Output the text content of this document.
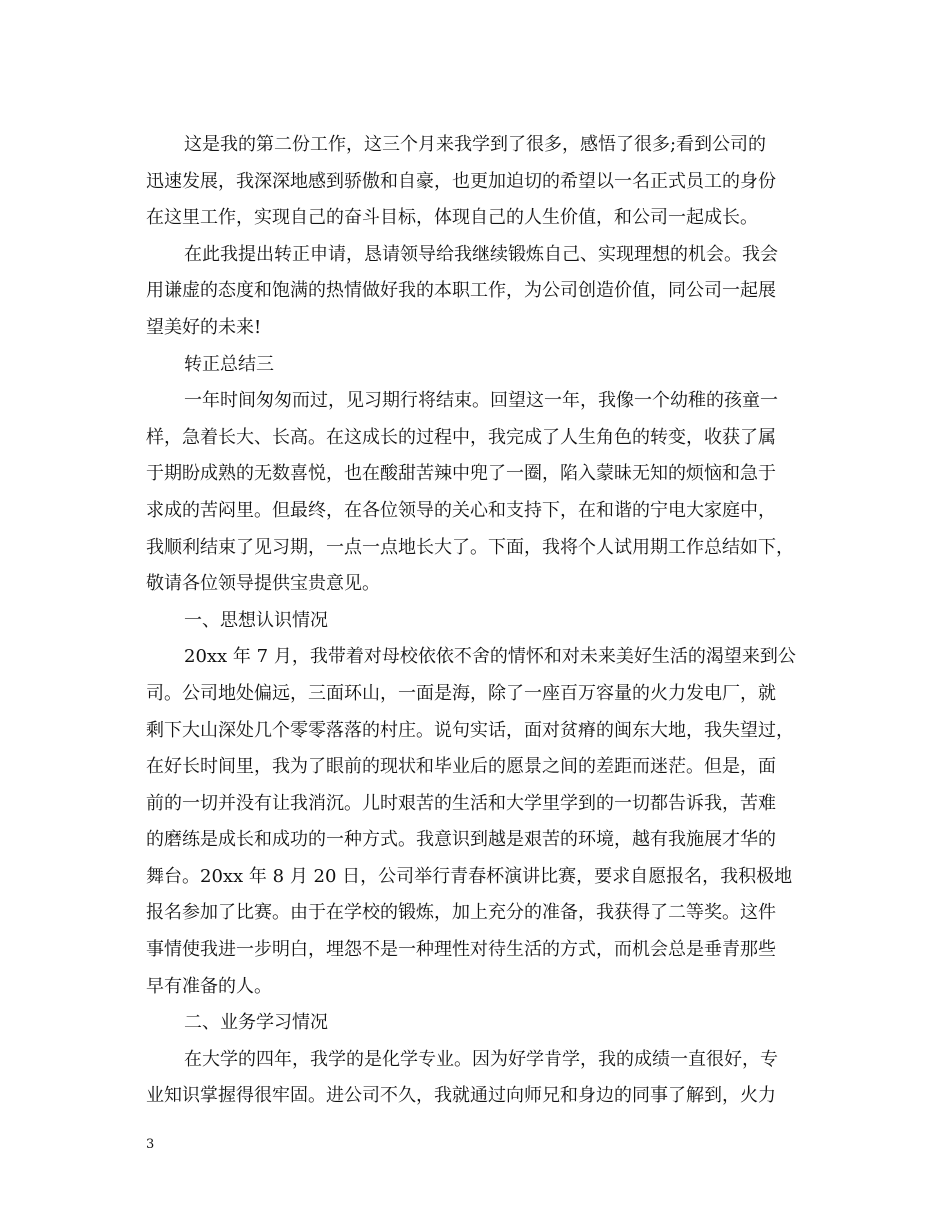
这是我的第二份工作，这三个月来我学到了很多，感悟了很多;看到公司的
迅速发展，我深深地感到骄傲和自豪，也更加迫切的希望以一名正式员工的身份
在这里工作，实现自己的奋斗目标，体现自己的人生价值，和公司一起成长。
在此我提出转正申请，恳请领导给我继续锻炼自己、实现理想的机会。我会
用谦虚的态度和饱满的热情做好我的本职工作，为公司创造价值，同公司一起展
望美好的未来!
转正总结三
一年时间匆匆而过，见习期行将结束。回望这一年，我像一个幼稚的孩童一
样，急着长大、长高。在这成长的过程中，我完成了人生角色的转变，收获了属
于期盼成熟的无数喜悦，也在酸甜苦辣中兜了一圈，陷入蒙昧无知的烦恼和急于
求成的苦闷里。但最终，在各位领导的关心和支持下，在和谐的宁电大家庭中，
我顺利结束了见习期，一点一点地长大了。下面，我将个人试用期工作总结如下，
敬请各位领导提供宝贵意见。
一、思想认识情况
20xx 年 7 月，我带着对母校依依不舍的情怀和对未来美好生活的渴望来到公
司。公司地处偏远，三面环山，一面是海，除了一座百万容量的火力发电厂，就
剩下大山深处几个零零落落的村庄。说句实话，面对贫瘠的闽东大地，我失望过，
在好长时间里，我为了眼前的现状和毕业后的愿景之间的差距而迷茫。但是，面
前的一切并没有让我消沉。儿时艰苦的生活和大学里学到的一切都告诉我，苦难
的磨练是成长和成功的一种方式。我意识到越是艰苦的环境，越有我施展才华的
舞台。20xx 年 8 月 20 日，公司举行青春杯演讲比赛，要求自愿报名，我积极地
报名参加了比赛。由于在学校的锻炼，加上充分的准备，我获得了二等奖。这件
事情使我进一步明白，埋怨不是一种理性对待生活的方式，而机会总是垂青那些
早有准备的人。
二、业务学习情况
在大学的四年，我学的是化学专业。因为好学肯学，我的成绩一直很好，专
业知识掌握得很牢固。进公司不久，我就通过向师兄和身边的同事了解到，火力
3
